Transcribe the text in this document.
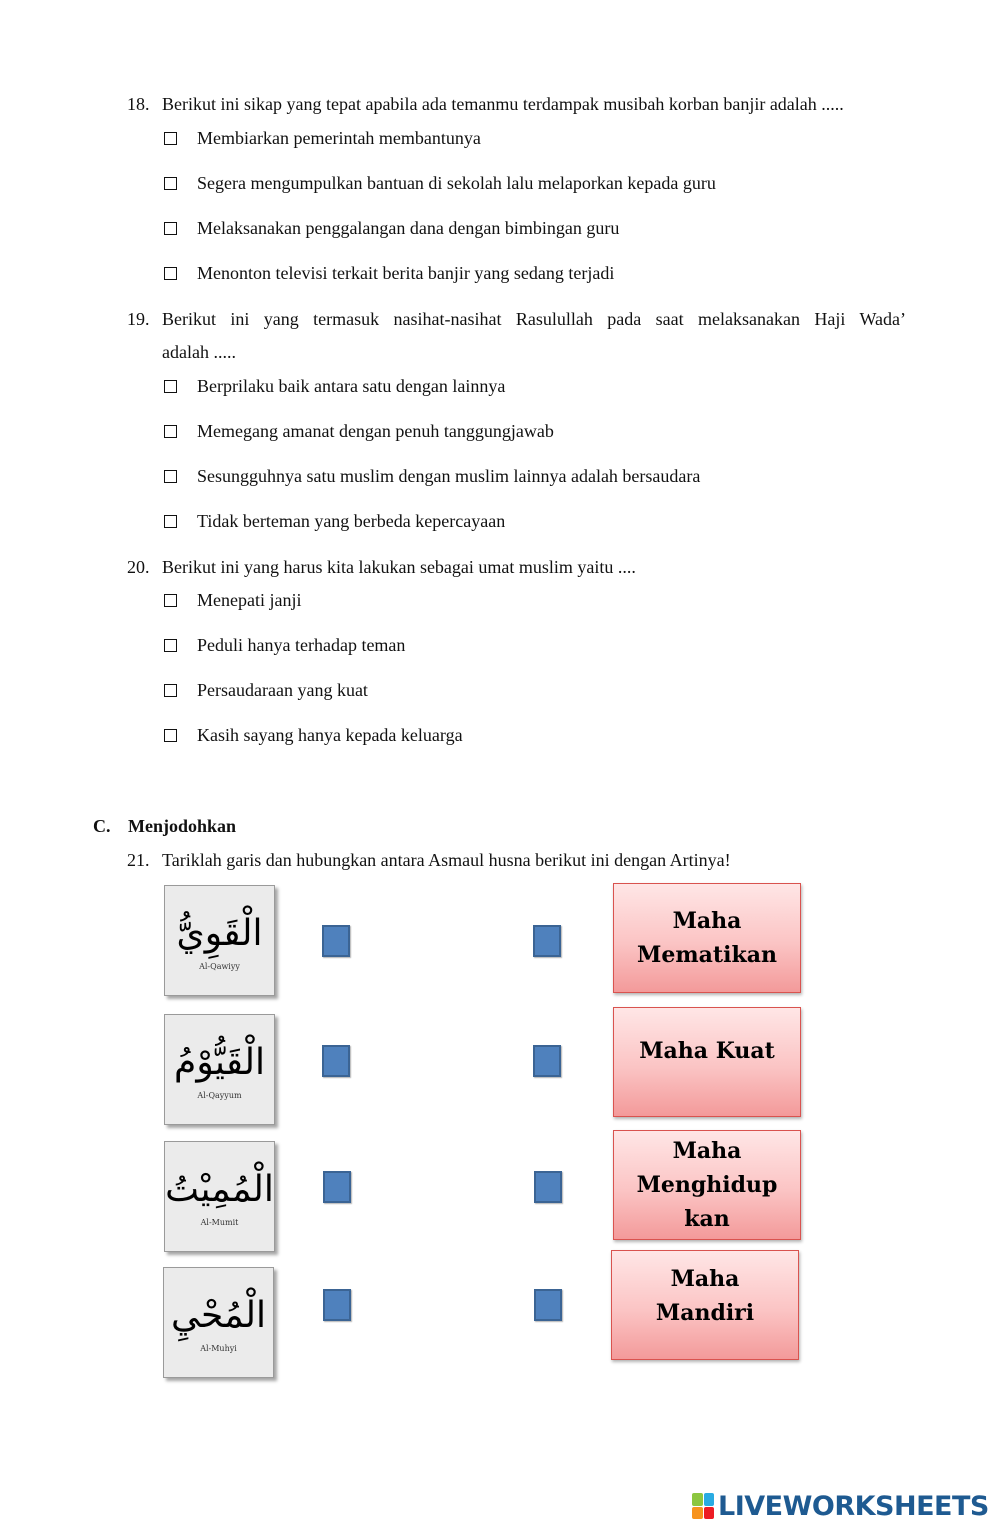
18. Berikut ini sikap yang tepat apabila ada temanmu terdampak musibah korban banjir adalah .....
Membiarkan pemerintah membantunya
Segera mengumpulkan bantuan di sekolah lalu melaporkan kepada guru
Melaksanakan penggalangan dana dengan bimbingan guru
Menonton televisi terkait berita banjir yang sedang terjadi
19. Berikut ini yang termasuk nasihat-nasihat Rasulullah pada saat melaksanakan Haji Wada’
adalah .....
Berprilaku baik antara satu dengan lainnya
Memegang amanat dengan penuh tanggungjawab
Sesungguhnya satu muslim dengan muslim lainnya adalah bersaudara
Tidak berteman yang berbeda kepercayaan
20. Berikut ini yang harus kita lakukan sebagai umat muslim yaitu ....
Menepati janji
Peduli hanya terhadap teman
Persaudaraan yang kuat
Kasih sayang hanya kepada keluarga
C. Menjodohkan
21. Tariklah garis dan hubungkan antara Asmaul husna berikut ini dengan Artinya!
الْقَوِيُّ
Al-Qawiyy
الْقَيُّوْمُ
Al-Qayyum
الْمُمِيْتُ
Al-Mumit
الْمُحْيِ
Al-Muhyi
Maha
Mematikan
Maha Kuat
Maha
Menghidup
kan
Maha
Mandiri
LIVEWORKSHEETS
